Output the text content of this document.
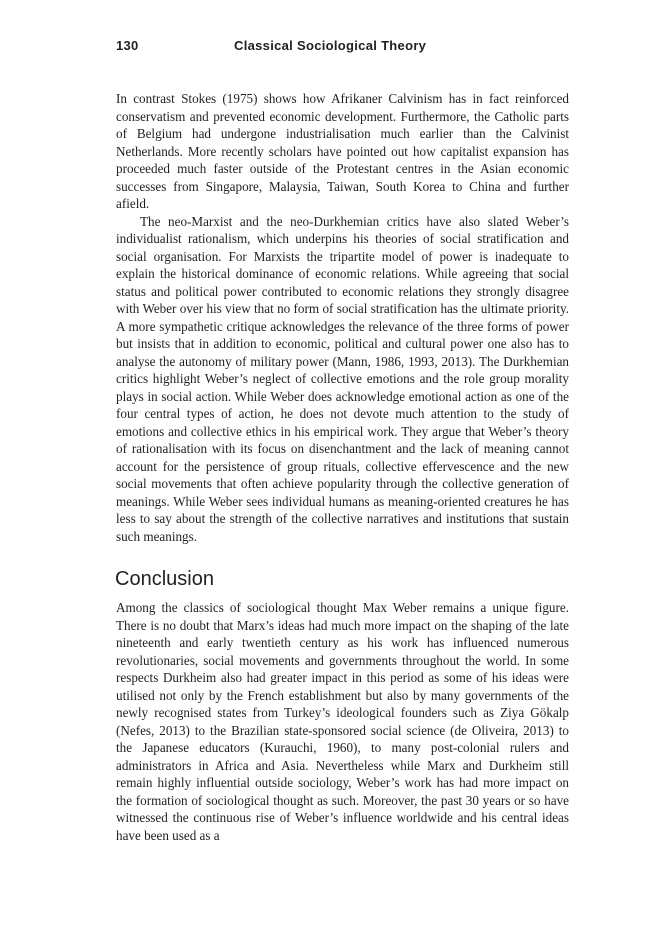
130	Classical Sociological Theory

In contrast Stokes (1975) shows how Afrikaner Calvinism has in fact reinforced conservatism and prevented economic development. Furthermore, the Catholic parts of Belgium had undergone industrialisation much earlier than the Calvinist Netherlands. More recently scholars have pointed out how capitalist expansion has proceeded much faster outside of the Protestant centres in the Asian economic successes from Singapore, Malaysia, Taiwan, South Korea to China and further afield.

The neo-Marxist and the neo-Durkhemian critics have also slated Weber’s individualist rationalism, which underpins his theories of social stratification and social organisation. For Marxists the tripartite model of power is inadequate to explain the historical dominance of economic relations. While agreeing that social status and political power contributed to economic relations they strongly disagree with Weber over his view that no form of social stratification has the ultimate priority. A more sympathetic critique acknowledges the relevance of the three forms of power but insists that in addition to economic, political and cultural power one also has to analyse the autonomy of military power (Mann, 1986, 1993, 2013). The Durkhemian critics highlight Weber’s neglect of collective emotions and the role group morality plays in social action. While Weber does acknowledge emotional action as one of the four central types of action, he does not devote much attention to the study of emotions and collective ethics in his empirical work. They argue that Weber’s theory of rationalisation with its focus on disenchantment and the lack of meaning cannot account for the persistence of group rituals, collective effervescence and the new social movements that often achieve popularity through the collective generation of meanings. While Weber sees individual humans as meaning-oriented creatures he has less to say about the strength of the collective narratives and institutions that sustain such meanings.

Conclusion

Among the classics of sociological thought Max Weber remains a unique figure. There is no doubt that Marx’s ideas had much more impact on the shaping of the late nineteenth and early twentieth century as his work has influenced numerous revolutionaries, social movements and governments throughout the world. In some respects Durkheim also had greater impact in this period as some of his ideas were utilised not only by the French establishment but also by many governments of the newly recognised states from Turkey’s ideological founders such as Ziya Gökalp (Nefes, 2013) to the Brazilian state-sponsored social science (de Oliveira, 2013) to the Japanese educators (Kurauchi, 1960), to many post-colonial rulers and administrators in Africa and Asia. Nevertheless while Marx and Durkheim still remain highly influential outside sociology, Weber’s work has had more impact on the formation of sociological thought as such. Moreover, the past 30 years or so have witnessed the continuous rise of Weber’s influence worldwide and his central ideas have been used as a
